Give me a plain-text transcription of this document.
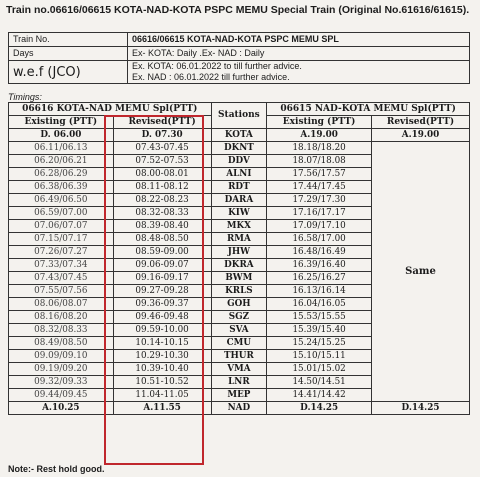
Train no.06616/06615 KOTA-NAD-KOTA PSPC MEMU Special Train (Original No.61616/61615).
Train No.	06616/06615 KOTA-NAD-KOTA PSPC MEMU SPL
Days	Ex- KOTA: Daily .Ex- NAD : Daily
w.e.f (JCO)	Ex. KOTA: 06.01.2022 to till further advice.
Ex. NAD : 06.01.2022 till further advice.
Timings:
06616 KOTA-NAD MEMU Spl(PTT)		Stations	06615 NAD-KOTA MEMU Spl(PTT)	
Existing (PTT)	Revised(PTT)		Existing (PTT)	Revised(PTT)
D. 06.00	D. 07.30	KOTA	A.19.00	A.19.00
06.11/06.13	07.43-07.45	DKNT	18.18/18.20	Same
06.20/06.21	07.52-07.53	DDV	18.07/18.08	
06.28/06.29	08.00-08.01	ALNI	17.56/17.57	
06.38/06.39	08.11-08.12	RDT	17.44/17.45	
06.49/06.50	08.22-08.23	DARA	17.29/17.30	
06.59/07.00	08.32-08.33	KIW	17.16/17.17	
07.06/07.07	08.39-08.40	MKX	17.09/17.10	
07.15/07.17	08.48-08.50	RMA	16.58/17.00	
07.26/07.27	08.59-09.00	JHW	16.48/16.49	
07.33/07.34	09.06-09.07	DKRA	16.39/16.40	
07.43/07.45	09.16-09.17	BWM	16.25/16.27	
07.55/07.56	09.27-09.28	KRLS	16.13/16.14	
08.06/08.07	09.36-09.37	GOH	16.04/16.05	
08.16/08.20	09.46-09.48	SGZ	15.53/15.55	
08.32/08.33	09.59-10.00	SVA	15.39/15.40	
08.49/08.50	10.14-10.15	CMU	15.24/15.25	
09.09/09.10	10.29-10.30	THUR	15.10/15.11	
09.19/09.20	10.39-10.40	VMA	15.01/15.02	
09.32/09.33	10.51-10.52	LNR	14.50/14.51	
09.44/09.45	11.04-11.05	MEP	14.41/14.42	
A.10.25	A.11.55	NAD	D.14.25	D.14.25
Note:- Rest hold good.
